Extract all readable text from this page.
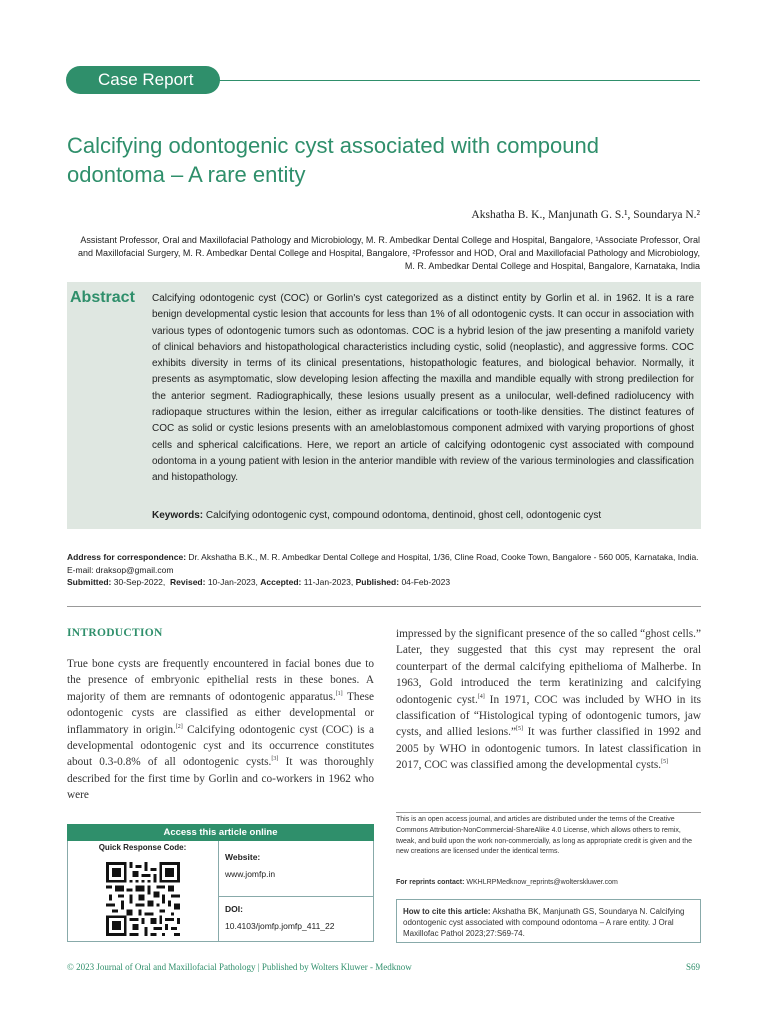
Case Report
Calcifying odontogenic cyst associated with compound odontoma – A rare entity
Akshatha B. K., Manjunath G. S.¹, Soundarya N.²
Assistant Professor, Oral and Maxillofacial Pathology and Microbiology, M. R. Ambedkar Dental College and Hospital, Bangalore, ¹Associate Professor, Oral and Maxillofacial Surgery, M. R. Ambedkar Dental College and Hospital, Bangalore, ²Professor and HOD, Oral and Maxillofacial Pathology and Microbiology, M. R. Ambedkar Dental College and Hospital, Bangalore, Karnataka, India
Abstract Calcifying odontogenic cyst (COC) or Gorlin's cyst categorized as a distinct entity by Gorlin et al. in 1962. It is a rare benign developmental cystic lesion that accounts for less than 1% of all odontogenic cysts. It can occur in association with various types of odontogenic tumors such as odontomas. COC is a hybrid lesion of the jaw presenting a manifold variety of clinical behaviors and histopathological characteristics including cystic, solid (neoplastic), and aggressive forms. COC exhibits diversity in terms of its clinical presentations, histopathologic features, and biological behavior. Normally, it presents as asymptomatic, slow developing lesion affecting the maxilla and mandible equally with strong predilection for the anterior segment. Radiographically, these lesions usually present as a unilocular, well-defined radiolucency with radiopaque structures within the lesion, either as irregular calcifications or tooth-like densities. The distinct features of COC as solid or cystic lesions presents with an ameloblastomous component admixed with varying proportions of ghost cells and spherical calcifications. Here, we report an article of calcifying odontogenic cyst associated with compound odontoma in a young patient with lesion in the anterior mandible with review of the various terminologies and classification and histopathology.
Keywords: Calcifying odontogenic cyst, compound odontoma, dentinoid, ghost cell, odontogenic cyst
Address for correspondence: Dr. Akshatha B.K., M. R. Ambedkar Dental College and Hospital, 1/36, Cline Road, Cooke Town, Bangalore - 560 005, Karnataka, India.
E-mail: draksop@gmail.com
Submitted: 30-Sep-2022, Revised: 10-Jan-2023, Accepted: 11-Jan-2023, Published: 04-Feb-2023
INTRODUCTION
True bone cysts are frequently encountered in facial bones due to the presence of embryonic epithelial rests in these bones. A majority of them are remnants of odontogenic apparatus.[1] These odontogenic cysts are classified as either developmental or inflammatory in origin.[2] Calcifying odontogenic cyst (COC) is a developmental odontogenic cyst and its occurrence constitutes about 0.3-0.8% of all odontogenic cysts.[3] It was thoroughly described for the first time by Gorlin and co-workers in 1962 who were
impressed by the significant presence of the so called “ghost cells.” Later, they suggested that this cyst may represent the oral counterpart of the dermal calcifying epithelioma of Malherbe. In 1963, Gold introduced the term keratinizing and calcifying odontogenic cyst.[4] In 1971, COC was included by WHO in its classification of “Histological typing of odontogenic tumors, jaw cysts, and allied lesions.”[5] It was further classified in 1992 and 2005 by WHO in odontogenic tumors. In latest classification in 2017, COC was classified among the developmental cysts.[5]
Access this article online
Quick Response Code:
Website:
www.jomfp.in
DOI:
10.4103/jomfp.jomfp_411_22
This is an open access journal, and articles are distributed under the terms of the Creative Commons Attribution-NonCommercial-ShareAlike 4.0 License, which allows others to remix, tweak, and build upon the work non-commercially, as long as appropriate credit is given and the new creations are licensed under the identical terms.
For reprints contact: WKHLRPMedknow_reprints@wolterskluwer.com
How to cite this article: Akshatha BK, Manjunath GS, Soundarya N. Calcifying odontogenic cyst associated with compound odontoma – A rare entity. J Oral Maxillofac Pathol 2023;27:S69-74.
© 2023 Journal of Oral and Maxillofacial Pathology | Published by Wolters Kluwer - Medknow	S69
